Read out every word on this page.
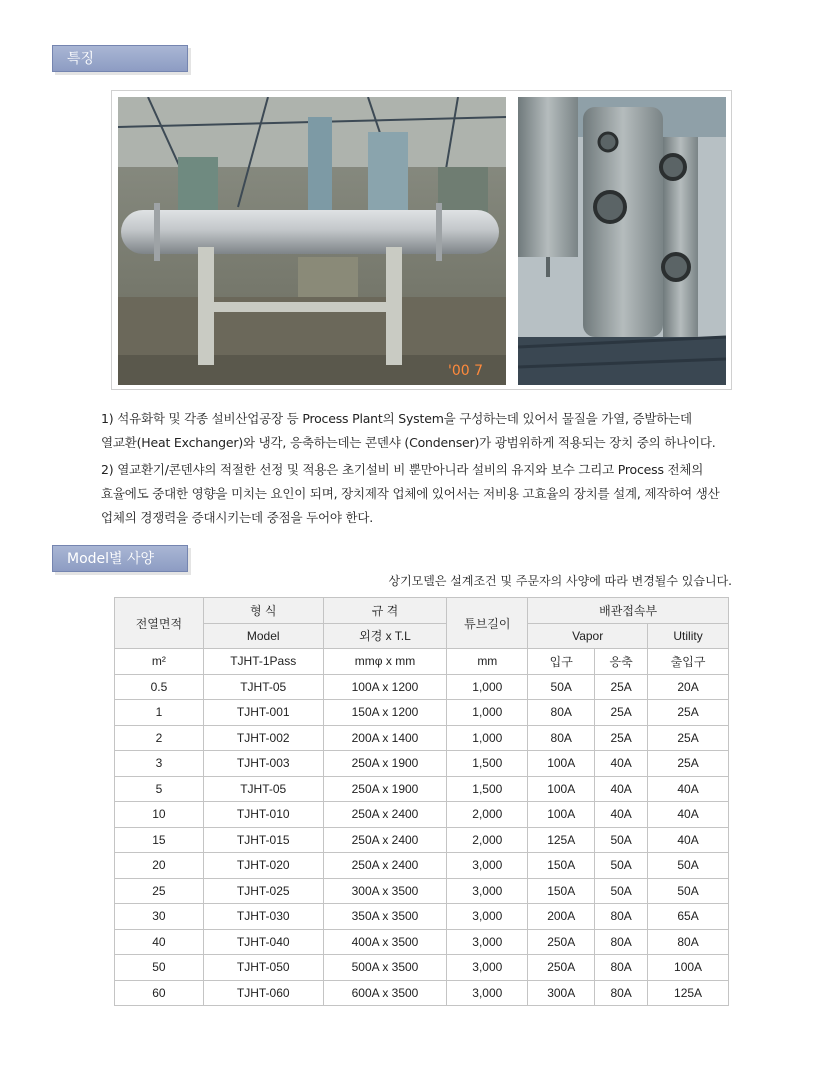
특징
'00 7
1) 석유화학 및 각종 설비산업공장 등 Process Plant의 System을 구성하는데 있어서 물질을 가열, 증발하는데
열교환(Heat Exchanger)와 냉각, 응축하는데는 콘덴샤 (Condenser)가 광범위하게 적용되는 장치 중의 하나이다.
2) 열교환기/콘덴샤의 적절한 선정 및 적용은 초기설비 비 뿐만아니라 설비의 유지와 보수 그리고 Process 전체의
효율에도 중대한 영향을 미치는 요인이 되며, 장치제작 업체에 있어서는 저비용 고효율의 장치를 설계, 제작하여 생산
업체의 경쟁력을 증대시키는데 중점을 두어야 한다.
Model별 사양
상기모델은 설계조건 및 주문자의 사양에 따라 변경될수 있습니다.
전열면적	형 식	규 격	튜브길이	배관접속부		
	Model	외경 x T.L		Vapor		Utility
m²	TJHT-1Pass	mmφ x mm	mm	입구	응축	출입구
0.5	TJHT-05	100A x 1200	1,000	50A	25A	20A
1	TJHT-001	150A x 1200	1,000	80A	25A	25A
2	TJHT-002	200A x 1400	1,000	80A	25A	25A
3	TJHT-003	250A x 1900	1,500	100A	40A	25A
5	TJHT-05	250A x 1900	1,500	100A	40A	40A
10	TJHT-010	250A x 2400	2,000	100A	40A	40A
15	TJHT-015	250A x 2400	2,000	125A	50A	40A
20	TJHT-020	250A x 2400	3,000	150A	50A	50A
25	TJHT-025	300A x 3500	3,000	150A	50A	50A
30	TJHT-030	350A x 3500	3,000	200A	80A	65A
40	TJHT-040	400A x 3500	3,000	250A	80A	80A
50	TJHT-050	500A x 3500	3,000	250A	80A	100A
60	TJHT-060	600A x 3500	3,000	300A	80A	125A
